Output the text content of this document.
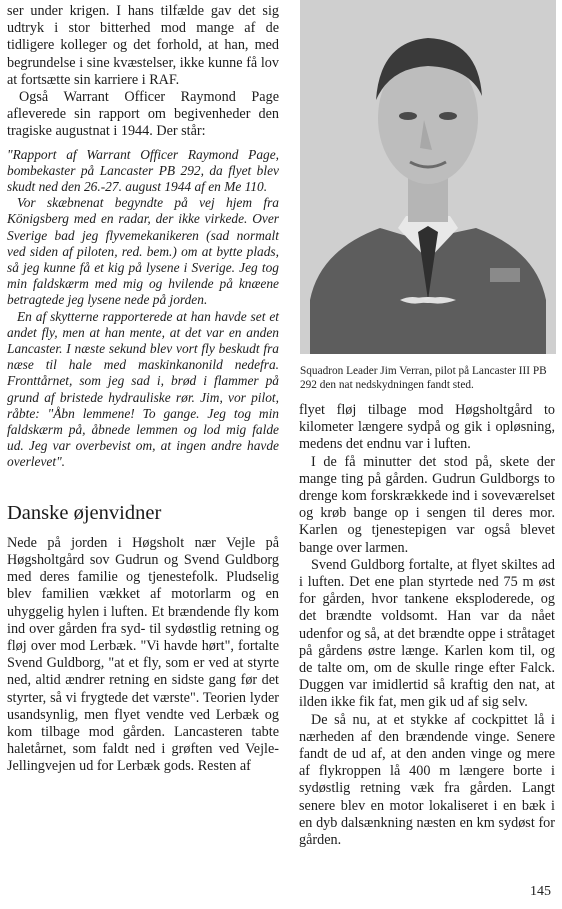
ser under krigen. I hans tilfælde gav det sig udtryk i stor bitterhed mod mange af de tidligere kolleger og det forhold, at han, med begrundelse i sine kvæstelser, ikke kunne få lov at fortsætte sin karriere i RAF.

Også Warrant Officer Raymond Page afleverede sin rapport om begivenheder den tragiske augustnat i 1944. Der står:

"Rapport af Warrant Officer Raymond Page, bombekaster på Lancaster PB 292, da flyet blev skudt ned den 26.-27. august 1944 af en Me 110.

Vor skæbnenat begyndte på vej hjem fra Königsberg med en radar, der ikke virkede. Over Sverige bad jeg flyvemekanikeren (sad normalt ved siden af piloten, red. bem.) om at bytte plads, så jeg kunne få et kig på lysene i Sverige. Jeg tog min faldskærm med mig og hvilende på knæene betragtede jeg lysene nede på jorden.

En af skytterne rapporterede at han havde set et andet fly, men at han mente, at det var en anden Lancaster. I næste sekund blev vort fly beskudt fra næse til hale med maskinkanonild nedefra. Fronttårnet, som jeg sad i, brød i flammer på grund af bristede hydrauliske rør. Jim, vor pilot, råbte: "Åbn lemmene! To gange. Jeg tog min faldskærm på, åbnede lemmen og lod mig falde ud. Jeg var overbevist om, at ingen andre havde overlevet".

Danske øjenvidner

Nede på jorden i Høgsholt nær Vejle på Høgsholtgård sov Gudrun og Svend Guldborg med deres familie og tjenestefolk. Pludselig blev familien vækket af motorlarm og en uhyggelig hylen i luften. Et brændende fly kom ind over gården fra syd- til sydøstlig retning og fløj over mod Lerbæk. "Vi havde hørt", fortalte Svend Guldborg, "at et fly, som er ved at styrte ned, altid ændrer retning en sidste gang før det styrter, så vi frygtede det værste". Teorien lyder usandsynlig, men flyet vendte ved Lerbæk og kom tilbage mod gården. Lancasteren tabte haletårnet, som faldt ned i grøften ved Vejle-Jellingvejen ud for Lerbæk gods. Resten af

Squadron Leader Jim Verran, pilot på Lancaster III PB 292 den nat nedskydningen fandt sted.

flyet fløj tilbage mod Høgsholtgård to kilometer længere sydpå og gik i opløsning, medens det endnu var i luften.

I de få minutter det stod på, skete der mange ting på gården. Gudrun Guldborgs to drenge kom forskrækkede ind i soveværelset og krøb bange op i sengen til deres mor. Karlen og tjenestepigen var også blevet bange over larmen.

Svend Guldborg fortalte, at flyet skiltes ad i luften. Det ene plan styrtede ned 75 m øst for gården, hvor tankene eksploderede, og det brændte voldsomt. Han var da nået udenfor og så, at det brændte oppe i stråtaget på gårdens østre længe. Karlen kom til, og de talte om, om de skulle ringe efter Falck. Duggen var imidlertid så kraftig den nat, at ilden ikke fik fat, men gik ud af sig selv.

De så nu, at et stykke af cockpittet lå i nærheden af den brændende vinge. Senere fandt de ud af, at den anden vinge og mere af flykroppen lå 400 m længere borte i sydøstlig retning væk fra gården. Langt senere blev en motor lokaliseret i en bæk i en dyb dalsænkning næsten en km sydøst for gården.

145
